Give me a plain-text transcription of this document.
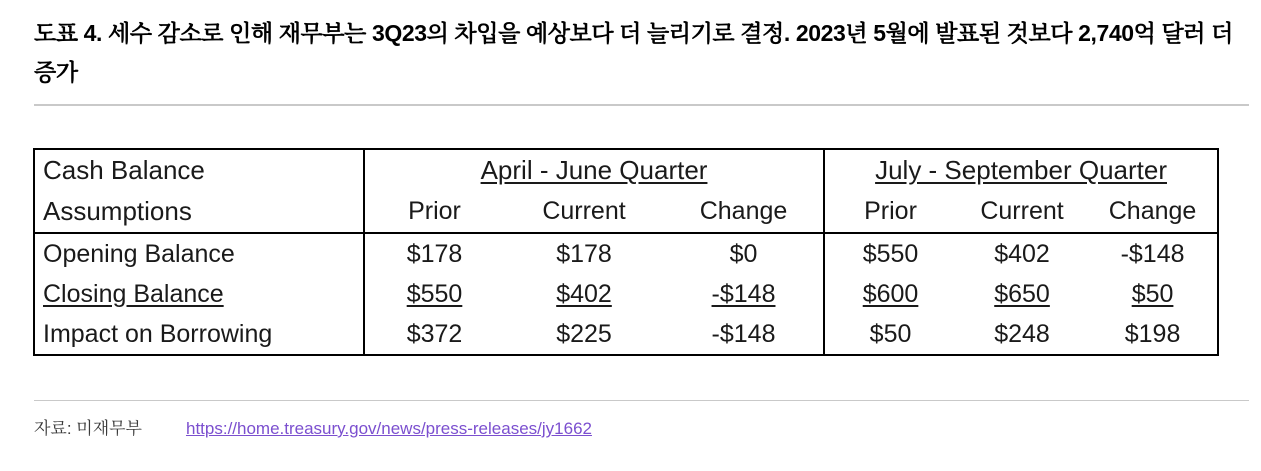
도표 4. 세수 감소로 인해 재무부는 3Q23의 차입을 예상보다 더 늘리기로 결정. 2023년 5월에 발표된 것보다 2,740억 달러 더 증가
Cash Balance	April - June Quarter			July - September Quarter		
Assumptions	Prior	Current	Change	Prior	Current	Change
Opening Balance	$178	$178	$0	$550	$402	-$148
Closing Balance	$550	$402	-$148	$600	$650	$50
Impact on Borrowing	$372	$225	-$148	$50	$248	$198
자료: 미재무부	https://home.treasury.gov/news/press-releases/jy1662
